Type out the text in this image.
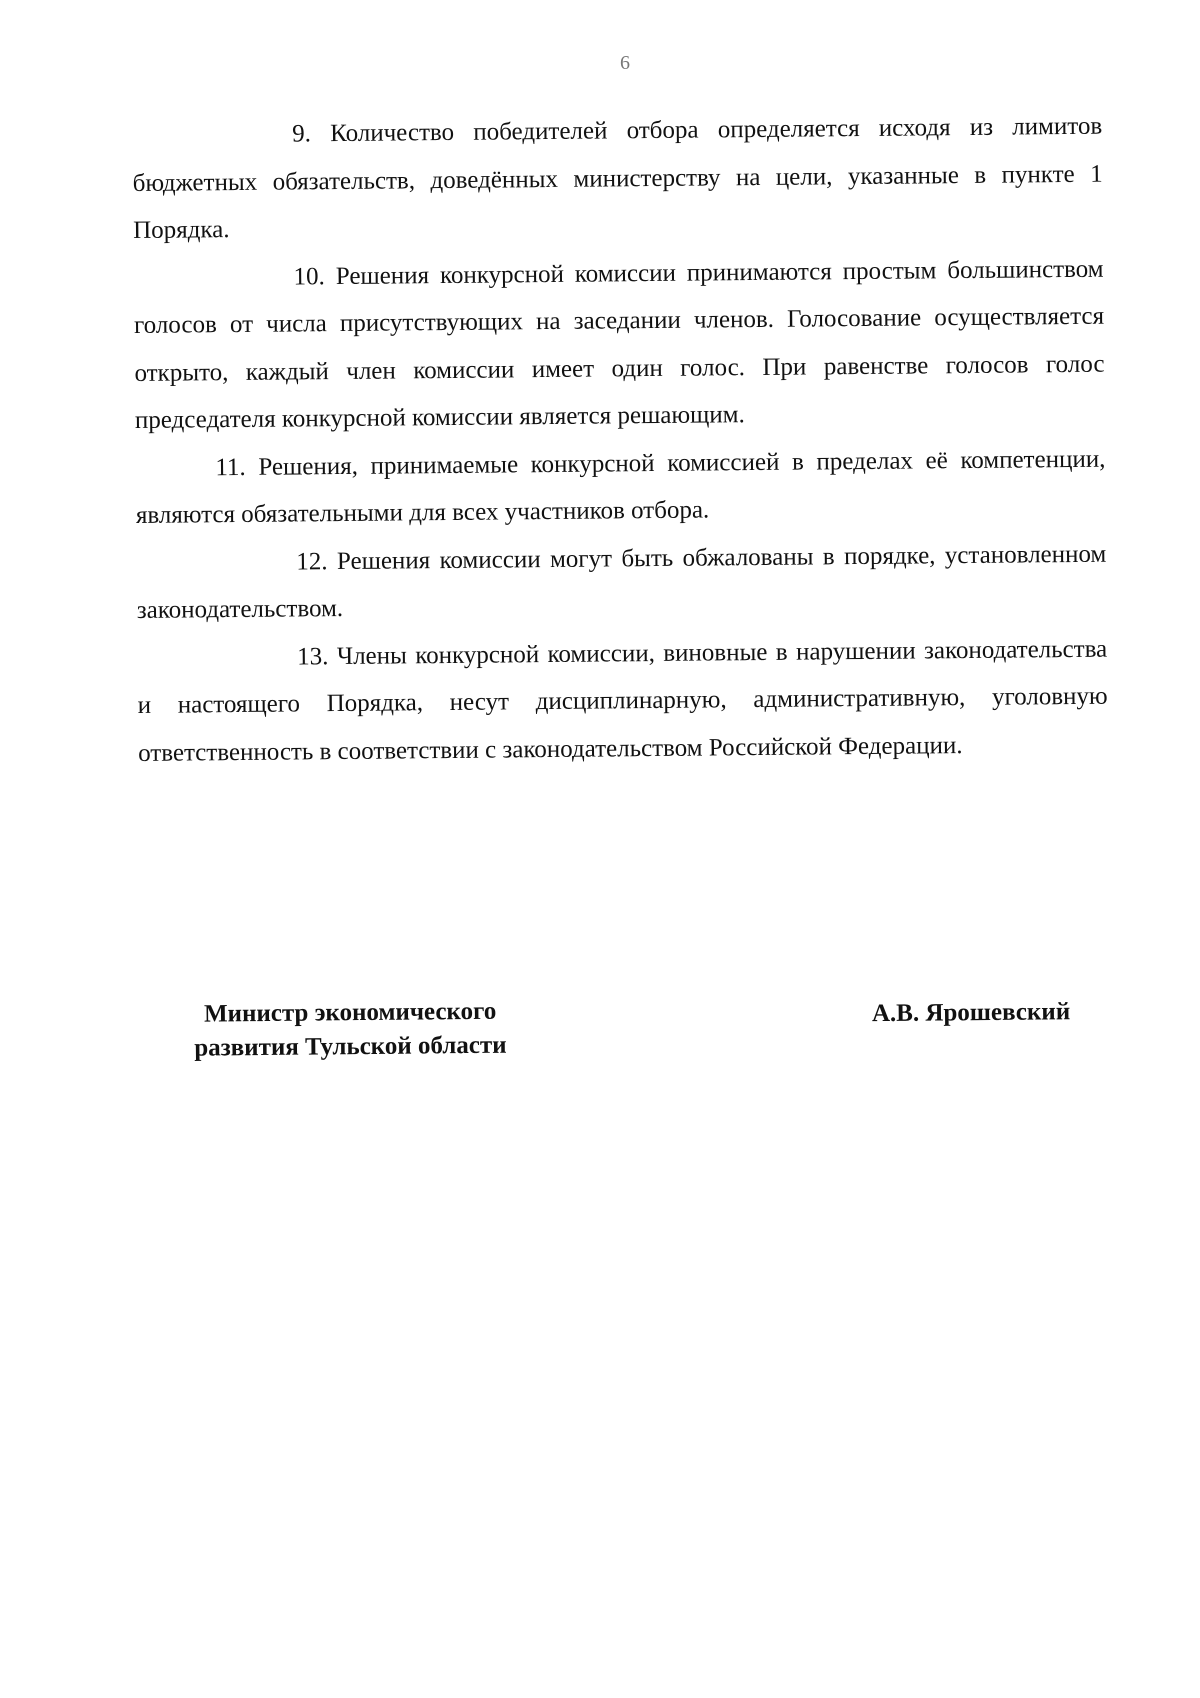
6

9. Количество победителей отбора определяется исходя из лимитов бюджетных обязательств, доведённых министерству на цели, указанные в пункте 1 Порядка.

10. Решения конкурсной комиссии принимаются простым большинством голосов от числа присутствующих на заседании членов. Голосование осуществляется открыто, каждый член комиссии имеет один голос. При равенстве голосов голос председателя конкурсной комиссии является решающим.

11. Решения, принимаемые конкурсной комиссией в пределах её компетенции, являются обязательными для всех участников отбора.

12. Решения комиссии могут быть обжалованы в порядке, установленном законодательством.

13. Члены конкурсной комиссии, виновные в нарушении законодательства и настоящего Порядка, несут дисциплинарную, административную, уголовную ответственность в соответствии с законодательством Российской Федерации.

Министр экономического
развития Тульской области
А.В. Ярошевский
